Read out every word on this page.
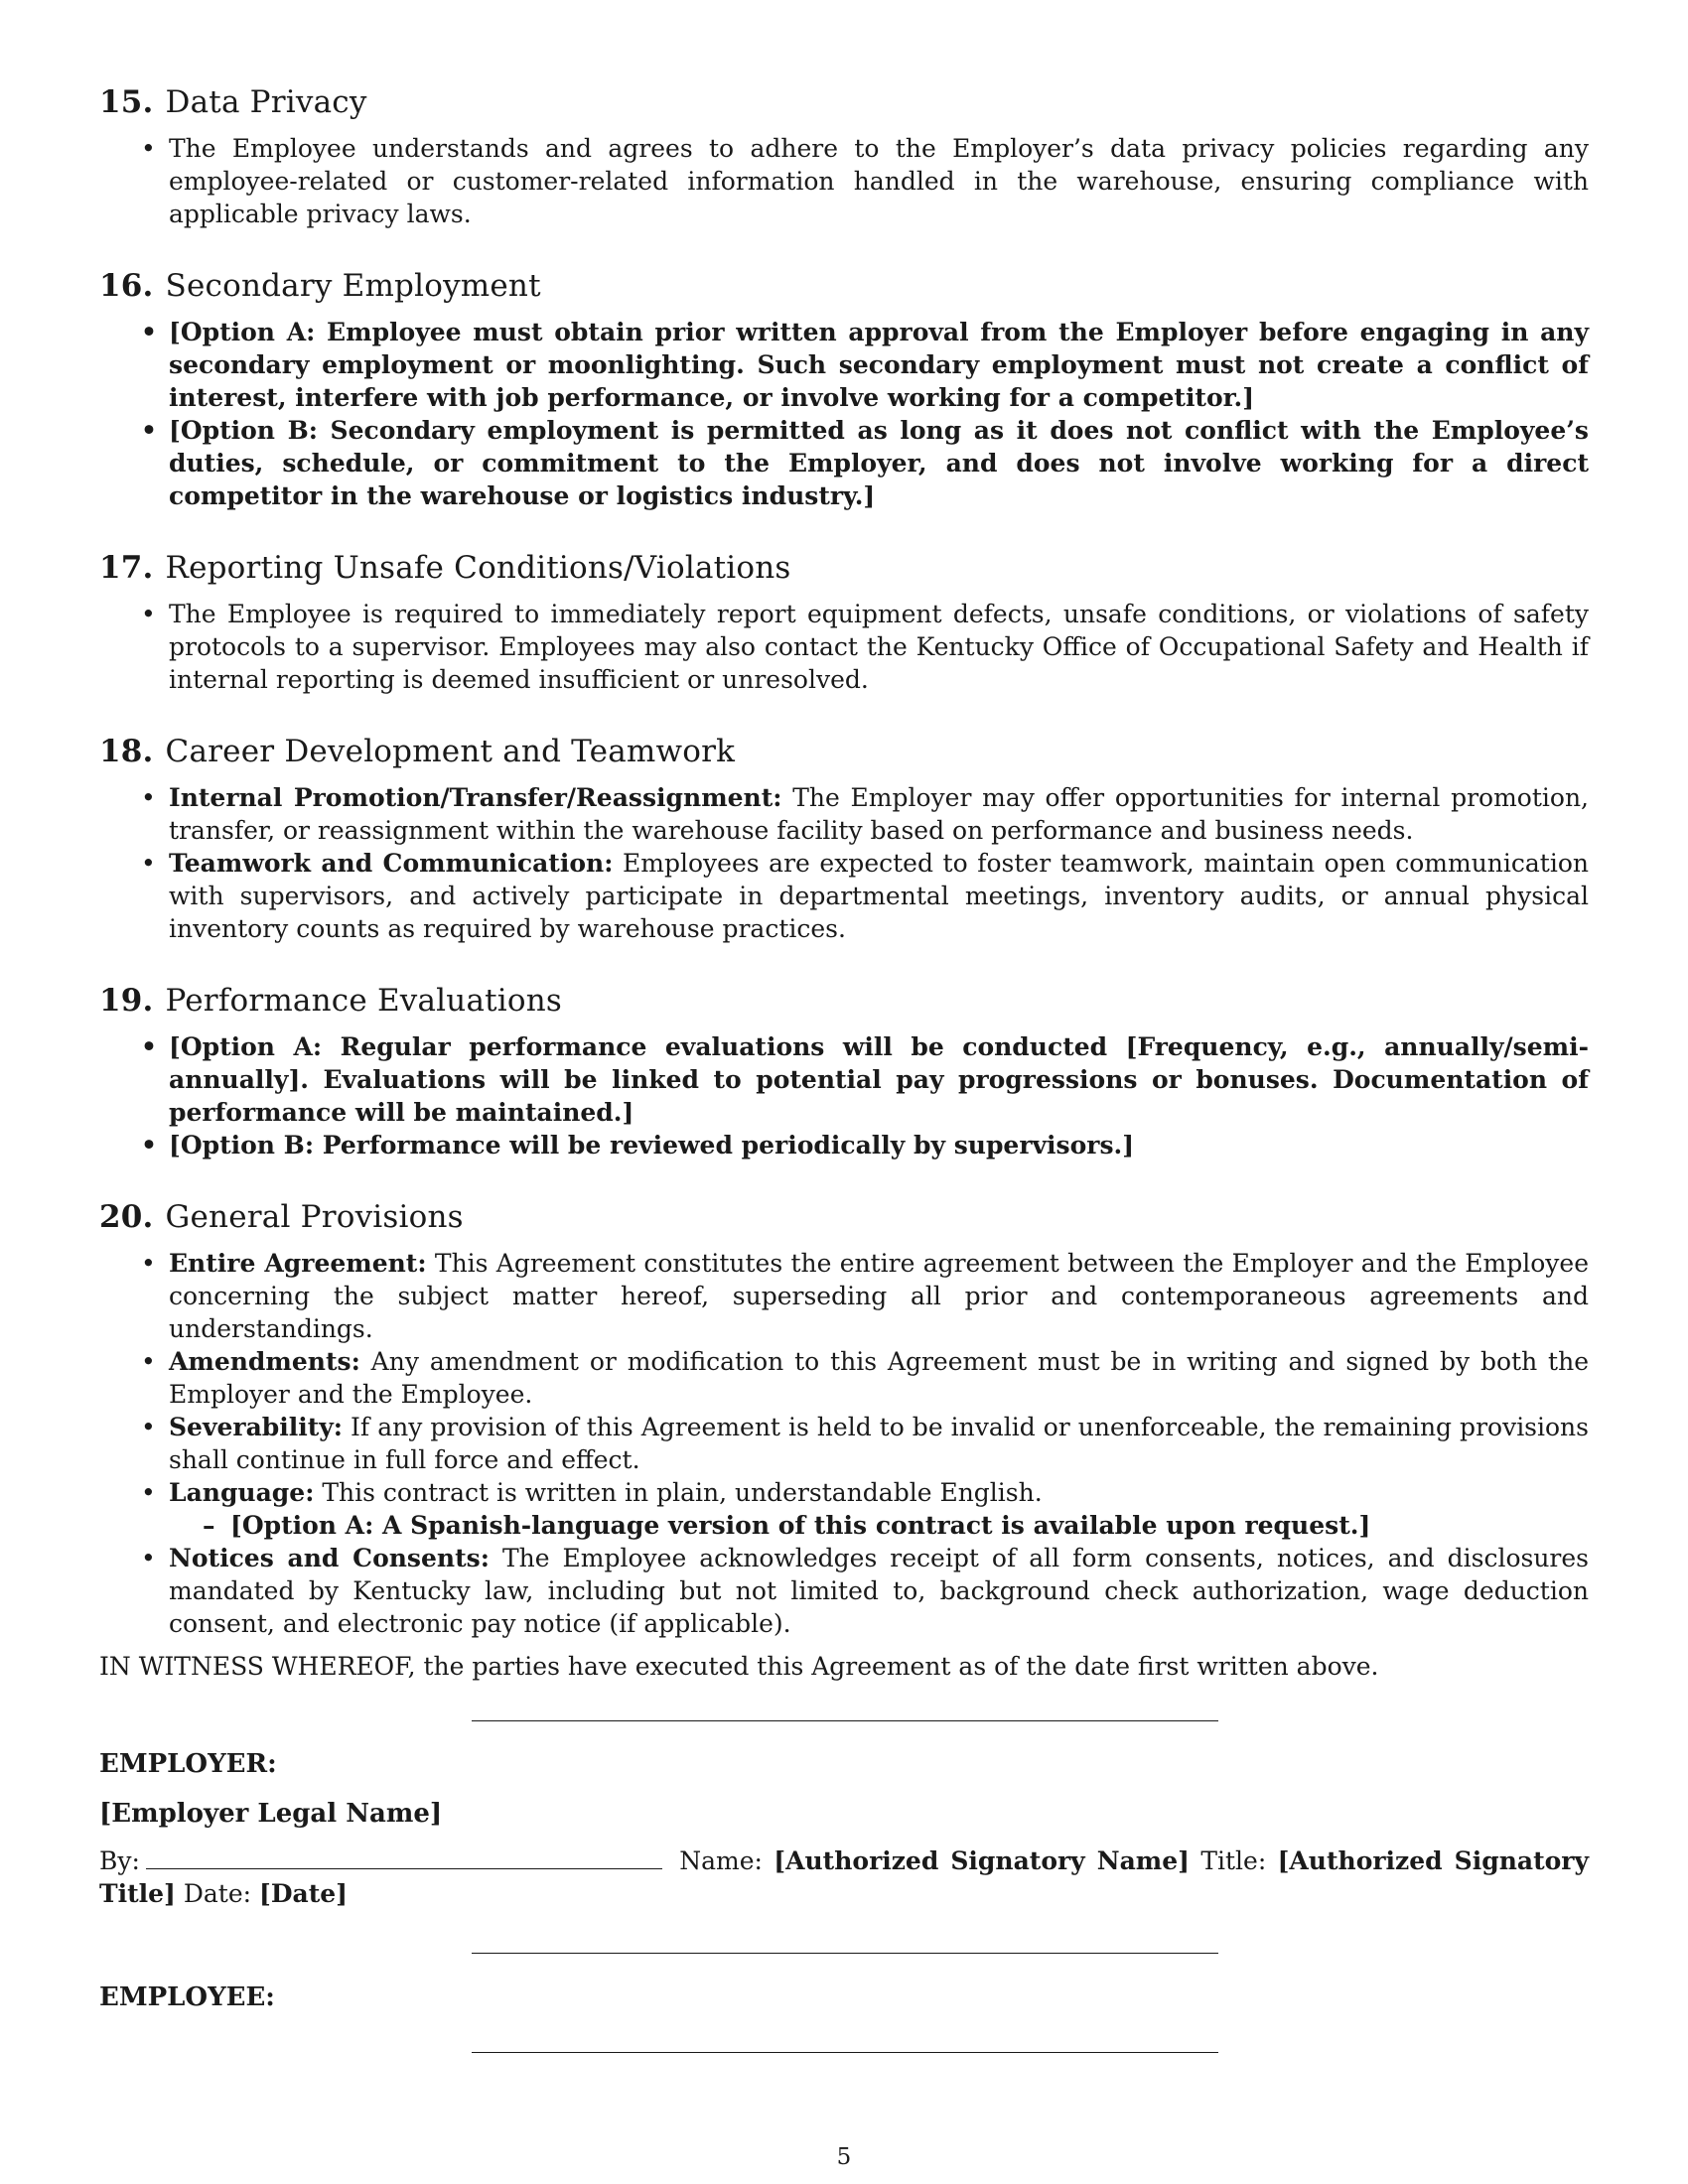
15. Data Privacy
• The Employee understands and agrees to adhere to the Employer’s data privacy policies regarding any employee-related or customer-related information handled in the warehouse, ensuring compliance with applicable privacy laws.
16. Secondary Employment
• [Option A: Employee must obtain prior written approval from the Employer before engaging in any secondary employment or moonlighting. Such secondary employment must not create a conflict of interest, interfere with job performance, or involve working for a competitor.]
• [Option B: Secondary employment is permitted as long as it does not conflict with the Employee’s duties, schedule, or commitment to the Employer, and does not involve working for a direct competitor in the warehouse or logistics industry.]
17. Reporting Unsafe Conditions/Violations
• The Employee is required to immediately report equipment defects, unsafe conditions, or violations of safety protocols to a supervisor. Employees may also contact the Kentucky Office of Occupational Safety and Health if internal reporting is deemed insufficient or unresolved.
18. Career Development and Teamwork
• Internal Promotion/Transfer/Reassignment: The Employer may offer opportunities for internal promotion, transfer, or reassignment within the warehouse facility based on performance and business needs.
• Teamwork and Communication: Employees are expected to foster teamwork, maintain open communication with supervisors, and actively participate in departmental meetings, inventory audits, or annual physical inventory counts as required by warehouse practices.
19. Performance Evaluations
• [Option A: Regular performance evaluations will be conducted [Frequency, e.g., annually/semi-annually]. Evaluations will be linked to potential pay progressions or bonuses. Documentation of performance will be maintained.]
• [Option B: Performance will be reviewed periodically by supervisors.]
20. General Provisions
• Entire Agreement: This Agreement constitutes the entire agreement between the Employer and the Employee concerning the subject matter hereof, superseding all prior and contemporaneous agreements and understandings.
• Amendments: Any amendment or modification to this Agreement must be in writing and signed by both the Employer and the Employee.
• Severability: If any provision of this Agreement is held to be invalid or unenforceable, the remaining provisions shall continue in full force and effect.
• Language: This contract is written in plain, understandable English.
– [Option A: A Spanish-language version of this contract is available upon request.]
• Notices and Consents: The Employee acknowledges receipt of all form consents, notices, and disclosures mandated by Kentucky law, including but not limited to, background check authorization, wage deduction consent, and electronic pay notice (if applicable).

IN WITNESS WHEREOF, the parties have executed this Agreement as of the date first written above.

EMPLOYER:
[Employer Legal Name]
By:	Name: [Authorized Signatory Name] Title: [Authorized Signatory Title] Date: [Date]
EMPLOYEE:
5
